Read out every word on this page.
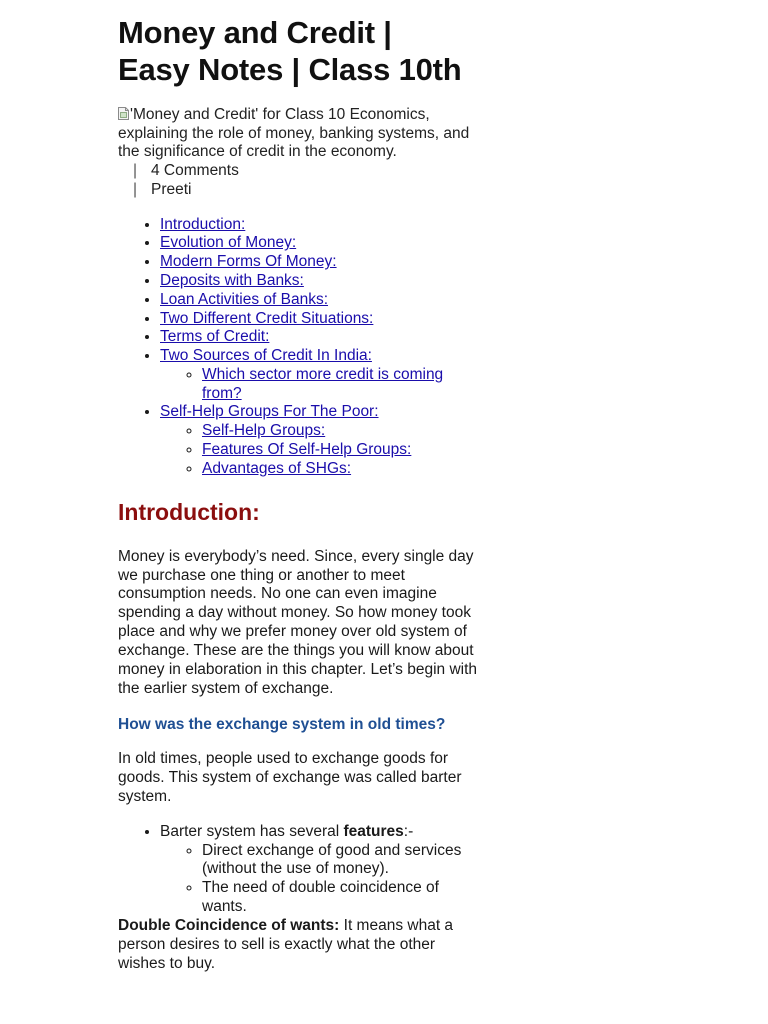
Money and Credit |
Easy Notes | Class 10th
'Money and Credit' for Class 10 Economics, explaining the role of money, banking systems, and the significance of credit in the economy.
| 4 Comments
| Preeti
• Introduction:
• Evolution of Money:
• Modern Forms Of Money:
• Deposits with Banks:
• Loan Activities of Banks:
• Two Different Credit Situations:
• Terms of Credit:
• Two Sources of Credit In India:
◦ Which sector more credit is coming from?
• Self-Help Groups For The Poor:
◦ Self-Help Groups:
◦ Features Of Self-Help Groups:
◦ Advantages of SHGs:
Introduction:

Money is everybody’s need. Since, every single day we purchase one thing or another to meet consumption needs. No one can even imagine spending a day without money. So how money took place and why we prefer money over old system of exchange. These are the things you will know about money in elaboration in this chapter. Let’s begin with the earlier system of exchange.

How was the exchange system in old times?

In old times, people used to exchange goods for goods. This system of exchange was called barter system.

• Barter system has several features:-
◦ Direct exchange of good and services (without the use of money).
◦ The need of double coincidence of wants.

Double Coincidence of wants: It means what a person desires to sell is exactly what the other wishes to buy.
